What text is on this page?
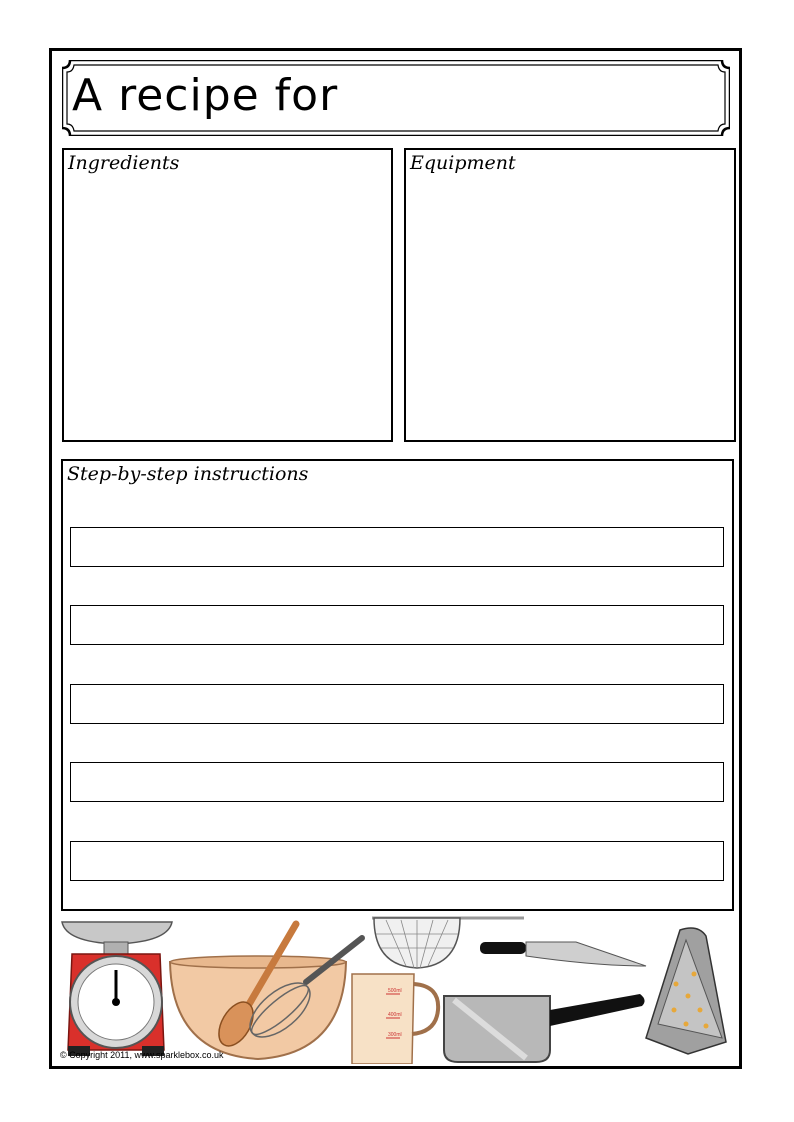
A recipe for
Ingredients	Equipment
Step-by-step instructions
500ml
400ml
300ml
© Copyright 2011, www.sparklebox.co.uk
